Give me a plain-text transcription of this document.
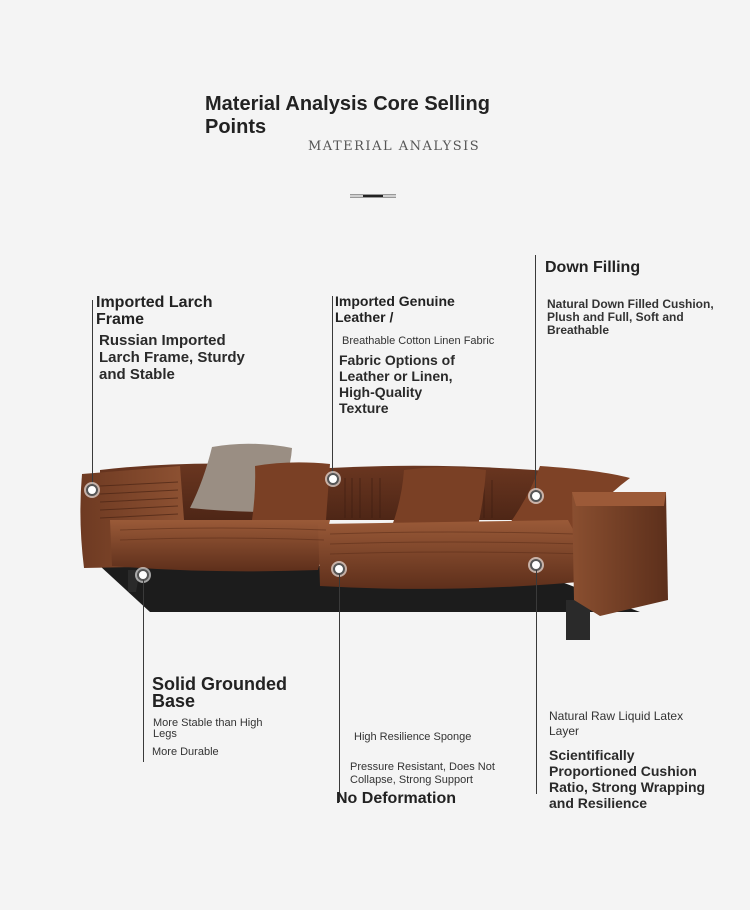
Material Analysis Core Selling Points
MATERIAL ANALYSIS
Imported Larch Frame
Russian Imported Larch Frame, Sturdy and Stable
Imported Genuine Leather /
Breathable Cotton Linen Fabric
Fabric Options of Leather or Linen, High-Quality Texture
Down Filling
Natural Down Filled Cushion, Plush and Full, Soft and Breathable
Solid Grounded Base
More Stable than High Legs
More Durable
High Resilience Sponge
Pressure Resistant, Does Not Collapse, Strong Support
No Deformation
Natural Raw Liquid Latex Layer
Scientifically Proportioned Cushion Ratio, Strong Wrapping and Resilience
